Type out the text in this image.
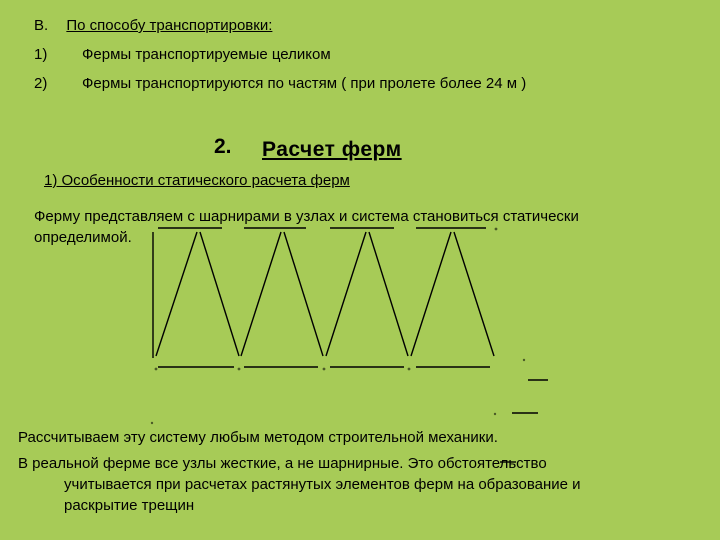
В. По способу транспортировки:
1) Фермы транспортируемые целиком
2) Фермы транспортируются по частям ( при пролете более 24 м )
2. Расчет ферм
1) Особенности статического расчета ферм
Ферму представляем с шарнирами в узлах и система становиться статически
определимой.
Рассчитываем эту систему любым методом строительной механики.
В реальной ферме все узлы жесткие, а не шарнирные. Это обстоятельство
учитывается при расчетах растянутых элементов ферм на образование и
раскрытие трещин
